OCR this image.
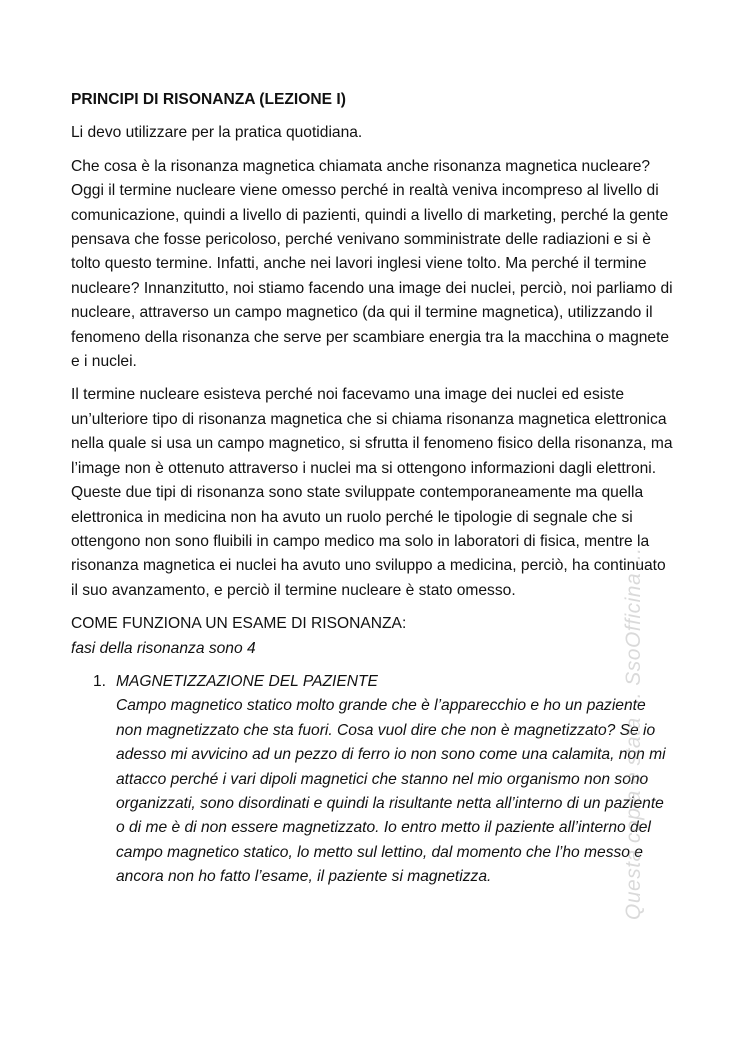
PRINCIPI DI RISONANZA (LEZIONE I)

Li devo utilizzare per la pratica quotidiana.

Che cosa è la risonanza magnetica chiamata anche risonanza magnetica nucleare? Oggi il termine nucleare viene omesso perché in realtà veniva incompreso al livello di comunicazione, quindi a livello di pazienti, quindi a livello di marketing, perché la gente pensava che fosse pericoloso, perché venivano somministrate delle radiazioni e si è tolto questo termine. Infatti, anche nei lavori inglesi viene tolto. Ma perché il termine nucleare? Innanzitutto, noi stiamo facendo una image dei nuclei, perciò, noi parliamo di nucleare, attraverso un campo magnetico (da qui il termine magnetica), utilizzando il fenomeno della risonanza che serve per scambiare energia tra la macchina o magnete e i nuclei.

Il termine nucleare esisteva perché noi facevamo una image dei nuclei ed esiste un’ulteriore tipo di risonanza magnetica che si chiama risonanza magnetica elettronica nella quale si usa un campo magnetico, si sfrutta il fenomeno fisico della risonanza, ma l’image non è ottenuto attraverso i nuclei ma si ottengono informazioni dagli elettroni. Queste due tipi di risonanza sono state sviluppate contemporaneamente ma quella elettronica in medicina non ha avuto un ruolo perché le tipologie di segnale che si ottengono non sono fluibili in campo medico ma solo in laboratori di fisica, mentre la risonanza magnetica ei nuclei ha avuto uno sviluppo a medicina, perciò, ha continuato il suo avanzamento, e perciò il termine nucleare è stato omesso.

COME FUNZIONA UN ESAME DI RISONANZA:
fasi della risonanza sono 4
1. MAGNETIZZAZIONE DEL PAZIENTE
Campo magnetico statico molto grande che è l’apparecchio e ho un paziente non magnetizzato che sta fuori. Cosa vuol dire che non è magnetizzato? Se io adesso mi avvicino ad un pezzo di ferro io non sono come una calamita, non mi attacco perché i vari dipoli magnetici che stanno nel mio organismo non sono organizzati, sono disordinati e quindi la risultante netta all’interno di un paziente o di me è di non essere magnetizzato. Io entro metto il paziente all’interno del campo magnetico statico, lo metto sul lettino, dal momento che l’ho messo e ancora non ho fatto l’esame, il paziente si magnetizza.	Questa copia è stata ... SsoOfficina ...
